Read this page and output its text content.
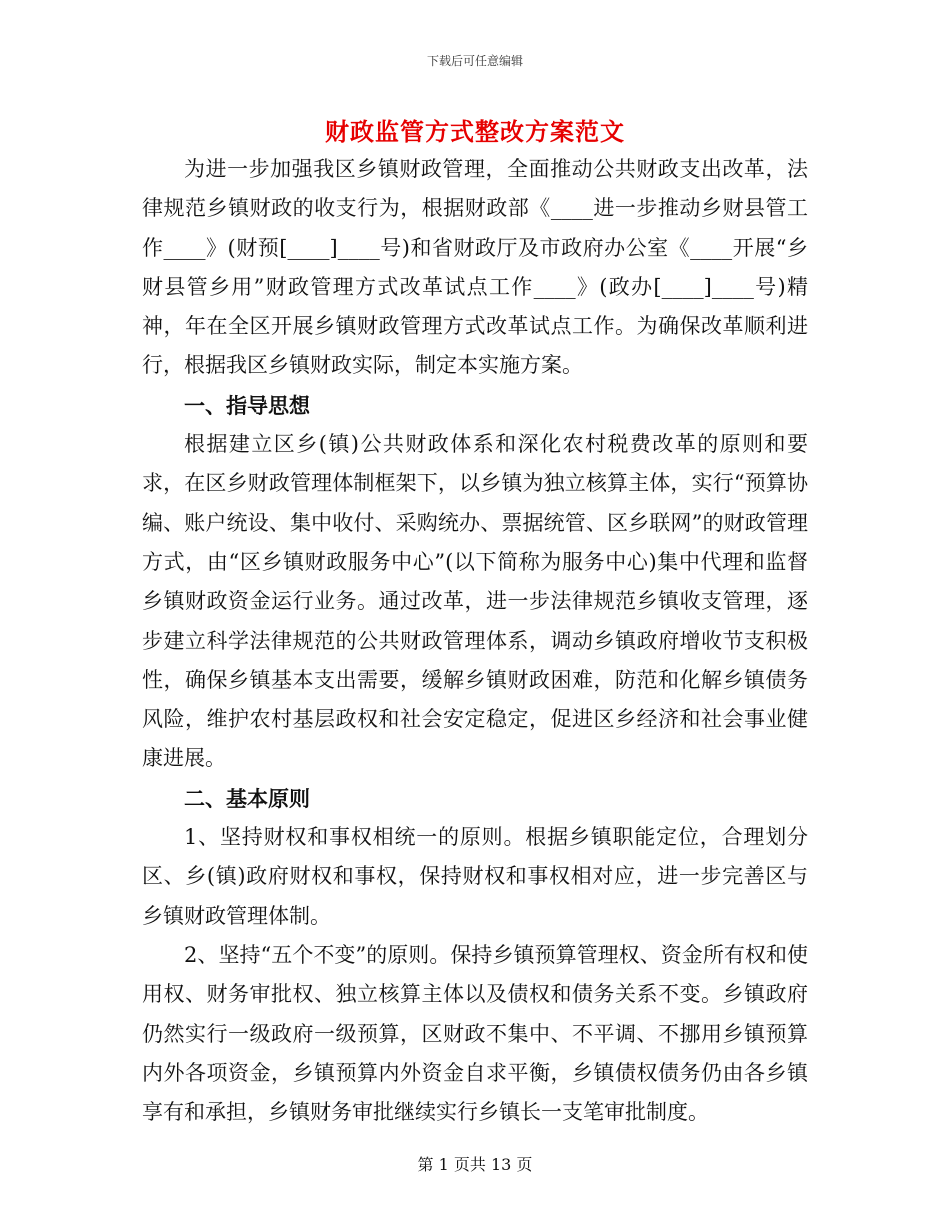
下载后可任意编辑
财政监管方式整改方案范文

为进一步加强我区乡镇财政管理，全面推动公共财政支出改革，法律规范乡镇财政的收支行为，根据财政部《____进一步推动乡财县管工作____》(财预[____]____号)和省财政厅及市政府办公室《____开展“乡财县管乡用”财政管理方式改革试点工作____》(政办[____]____号)精神，年在全区开展乡镇财政管理方式改革试点工作。为确保改革顺利进行，根据我区乡镇财政实际，制定本实施方案。

一、指导思想

根据建立区乡(镇)公共财政体系和深化农村税费改革的原则和要求，在区乡财政管理体制框架下，以乡镇为独立核算主体，实行“预算协编、账户统设、集中收付、采购统办、票据统管、区乡联网”的财政管理方式，由“区乡镇财政服务中心”(以下简称为服务中心)集中代理和监督乡镇财政资金运行业务。通过改革，进一步法律规范乡镇收支管理，逐步建立科学法律规范的公共财政管理体系，调动乡镇政府增收节支积极性，确保乡镇基本支出需要，缓解乡镇财政困难，防范和化解乡镇债务风险，维护农村基层政权和社会安定稳定，促进区乡经济和社会事业健康进展。

二、基本原则

1、坚持财权和事权相统一的原则。根据乡镇职能定位，合理划分区、乡(镇)政府财权和事权，保持财权和事权相对应，进一步完善区与乡镇财政管理体制。

2、坚持“五个不变”的原则。保持乡镇预算管理权、资金所有权和使用权、财务审批权、独立核算主体以及债权和债务关系不变。乡镇政府仍然实行一级政府一级预算，区财政不集中、不平调、不挪用乡镇预算内外各项资金，乡镇预算内外资金自求平衡，乡镇债权债务仍由各乡镇享有和承担，乡镇财务审批继续实行乡镇长一支笔审批制度。

第 1 页共 13 页
